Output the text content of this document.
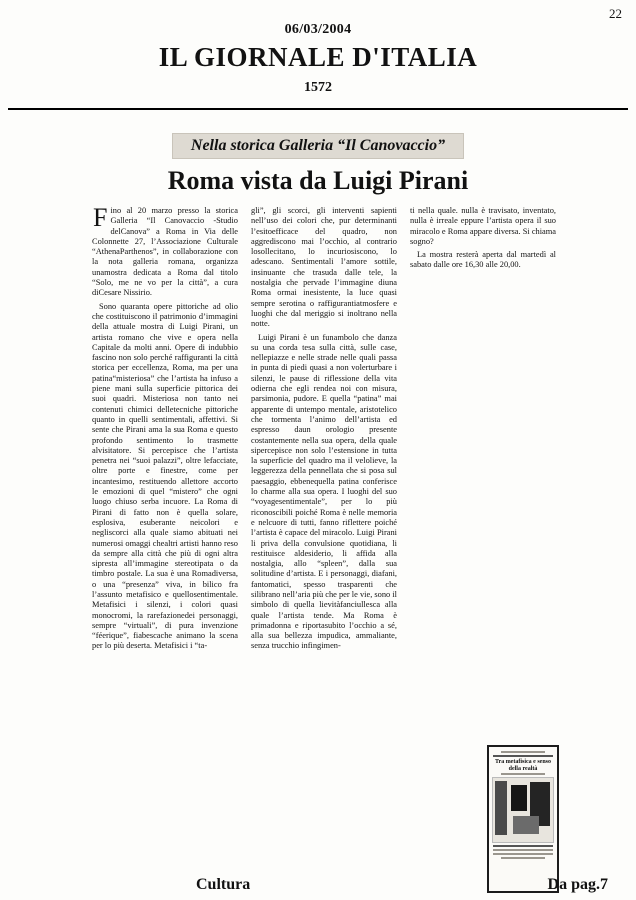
22
06/03/2004
IL GIORNALE D'ITALIA
1572
Nella storica Galleria “Il Canovaccio”
Roma vista da Luigi Pirani

Fino al 20 marzo presso la storica Galleria “Il Canovaccio -Studio delCanova” a Roma in Via delle Colonnette 27, l’Associazione Culturale “AthenaParthenos”, in collaborazione con la nota galleria romana, organizza unamostra dedicata a Roma dal titolo “Solo, me ne vo per la città”, a cura diCesare Nissirio.

Sono quaranta opere pittoriche ad olio che costituiscono il patrimonio d’immagini della attuale mostra di Luigi Pirani, un artista romano che vive e opera nella Capitale da molti anni. Opere di indubbio fascino non solo perché raffiguranti la città storica per eccellenza, Roma, ma per una patina“misteriosa” che l’artista ha infuso a piene mani sulla superficie pittorica dei suoi quadri. Misteriosa non tanto nei contenuti chimici delletecniche pittoriche quanto in quelli sentimentali, affettivi. Si sente che Pirani ama la sua Roma e questo profondo sentimento lo trasmette alvisitatore. Si percepisce che l’artista penetra nei “suoi palazzi”, oltre lefacciate, oltre porte e finestre, come per incantesimo, restituendo allettore accorto le emozioni di quel “mistero” che ogni luogo chiuso serba incuore. La Roma di Pirani di fatto non è quella solare, esplosiva, esuberante neicolori e negliscorci alla quale siamo abituati nei numerosi omaggi chealtri artisti hanno reso da sempre alla città che più di ogni altra sipresta all’immagine stereotipata o da timbro postale. La sua è una Romadiversa, o una “presenza” viva, in bilico fra l’assunto metafisico e quellosentimentale. Metafisici i silenzi, i colori quasi monocromi, la rarefazionedei personaggi, sempre “virtuali”, di pura invenzione “féerique”, fiabescache animano la scena per lo più deserta. Metafisici i “ta-

gli”, gli scorci, gli interventi sapienti nell’uso dei colori che, pur determinanti l’esitoefficace del quadro, non aggrediscono mai l’occhio, al contrario losollecitano, lo incuriosiscono, lo adescano. Sentimentali l’amore sottile, insinuante che trasuda dalle tele, la nostalgia che pervade l’immagine diuna Roma ormai inesistente, la luce quasi sempre serotina o raffigurantiatmosfere e luoghi che dal meriggio si inoltrano nella notte.

Luigi Pirani è un funambolo che danza su una corda tesa sulla città, sulle case, nellepiazze e nelle strade nelle quali passa in punta di piedi quasi a non volerturbare i silenzi, le pause di riflessione della vita odierna che egli rendea noi con misura, parsimonia, pudore. E quella “patina” mai apparente di untempo mentale, aristotelico che tormenta l’animo dell’artista ed espresso daun orologio presente costantemente nella sua opera, della quale sipercepisce non solo l’estensione in tutta la superficie del quadro ma il velolieve, la leggerezza della pennellata che si posa sul paesaggio, ebbenequella patina conferisce lo charme alla sua opera. I luoghi del suo “voyagesentimentale”, per lo più riconoscibili poiché Roma è nelle memoria e nelcuore di tutti, fanno riflettere poiché l’artista è capace del miracolo. Luigi Pirani li priva della convulsione quotidiana, li restituisce aldesiderio, li affida alla nostalgia, allo “spleen”, dalla sua solitudine d’artista. E i personaggi, diafani, fantomatici, spesso trasparenti che silibrano nell’aria più che per le vie, sono il simbolo di quella lievitàfanciullesca alla quale l’artista tende. Ma Roma è primadonna e riportasubito l’occhio a sé, alla sua bellezza impudica, ammaliante, senza trucchio infingimen-

ti nella quale. nulla è travisato, inventato, nulla è irreale eppure l’artista opera il suo miracolo e Roma appare diversa. Si chiama sogno?

La mostra resterà aperta dal martedì al sabato dalle ore 16,30 alle 20,00.

Tra metafisica e senso della realtà
Cultura	Da pag.7
